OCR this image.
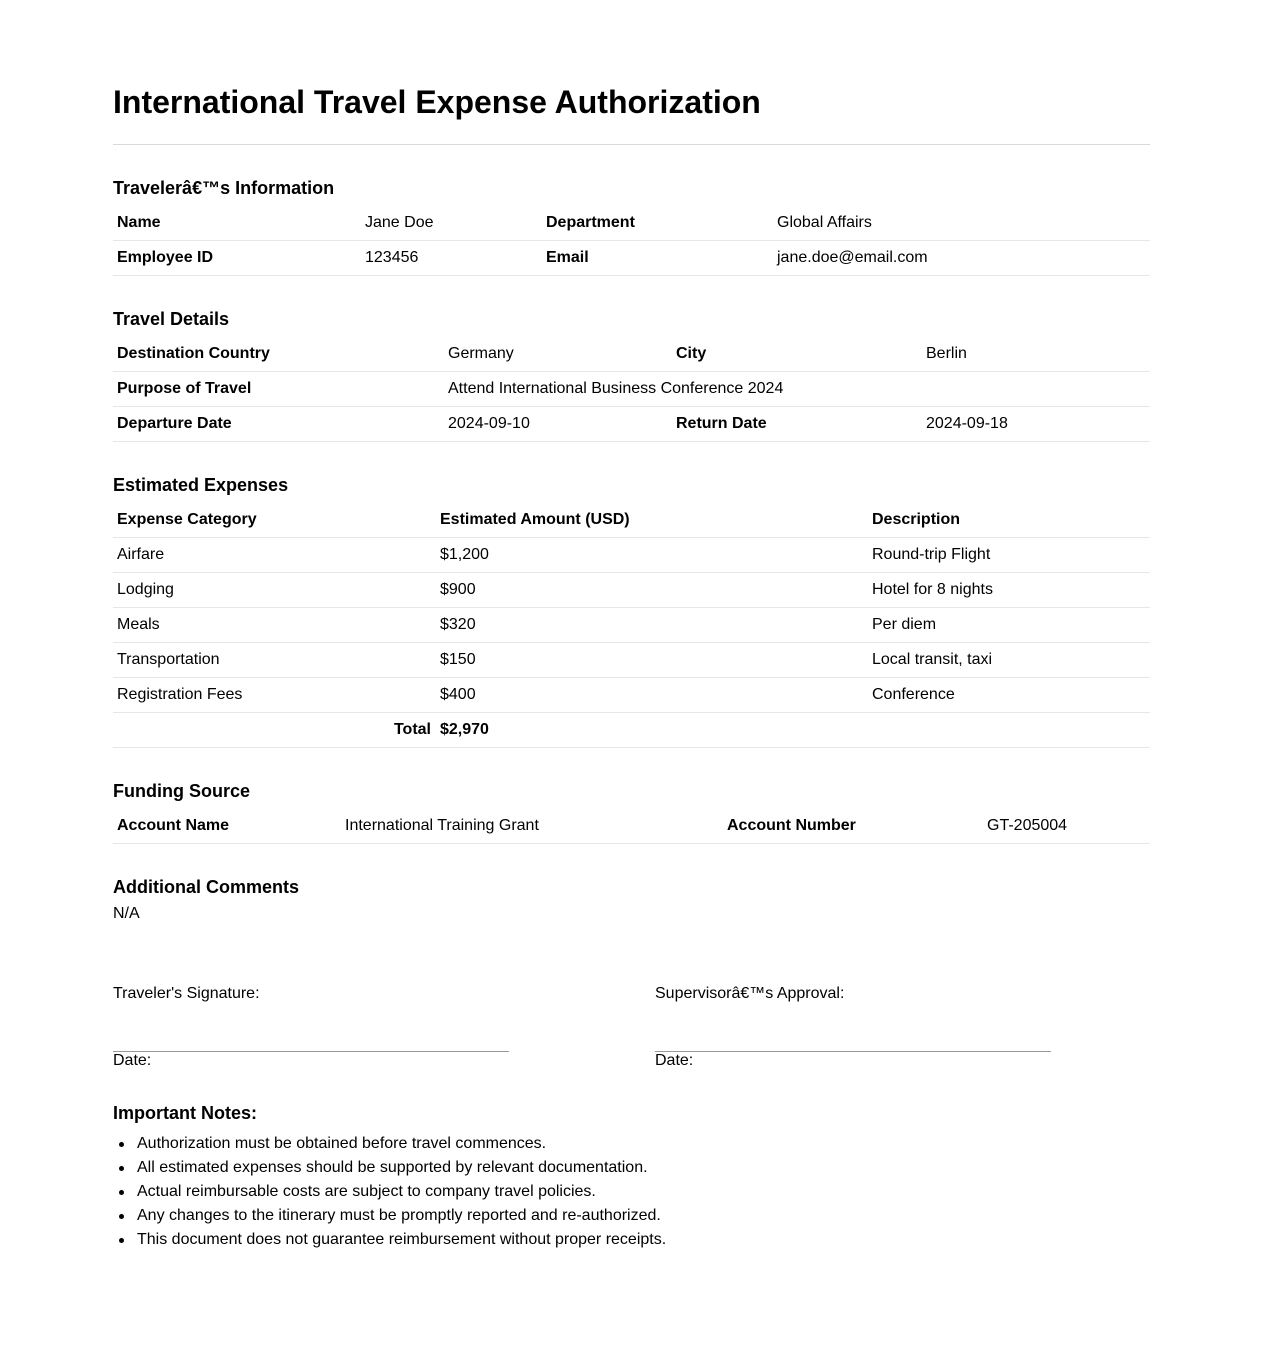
International Travel Expense Authorization
Travelerâ€™s Information
Name	Jane Doe	Department	Global Affairs
Employee ID	123456	Email	jane.doe@email.com
Travel Details
Destination Country	Germany	City	Berlin
Purpose of Travel	Attend International Business Conference 2024
Departure Date	2024-09-10	Return Date	2024-09-18
Estimated Expenses
Expense Category	Estimated Amount (USD)	Description
Airfare	$1,200	Round-trip Flight
Lodging	$900	Hotel for 8 nights
Meals	$320	Per diem
Transportation	$150	Local transit, taxi
Registration Fees	$400	Conference
Total $2,970
Funding Source
Account Name	International Training Grant	Account Number	GT-205004
Additional Comments
N/A
Traveler's Signature:
Date:
Supervisorâ€™s Approval:
Date:
Important Notes:
Authorization must be obtained before travel commences.
All estimated expenses should be supported by relevant documentation.
Actual reimbursable costs are subject to company travel policies.
Any changes to the itinerary must be promptly reported and re-authorized.
This document does not guarantee reimbursement without proper receipts.
